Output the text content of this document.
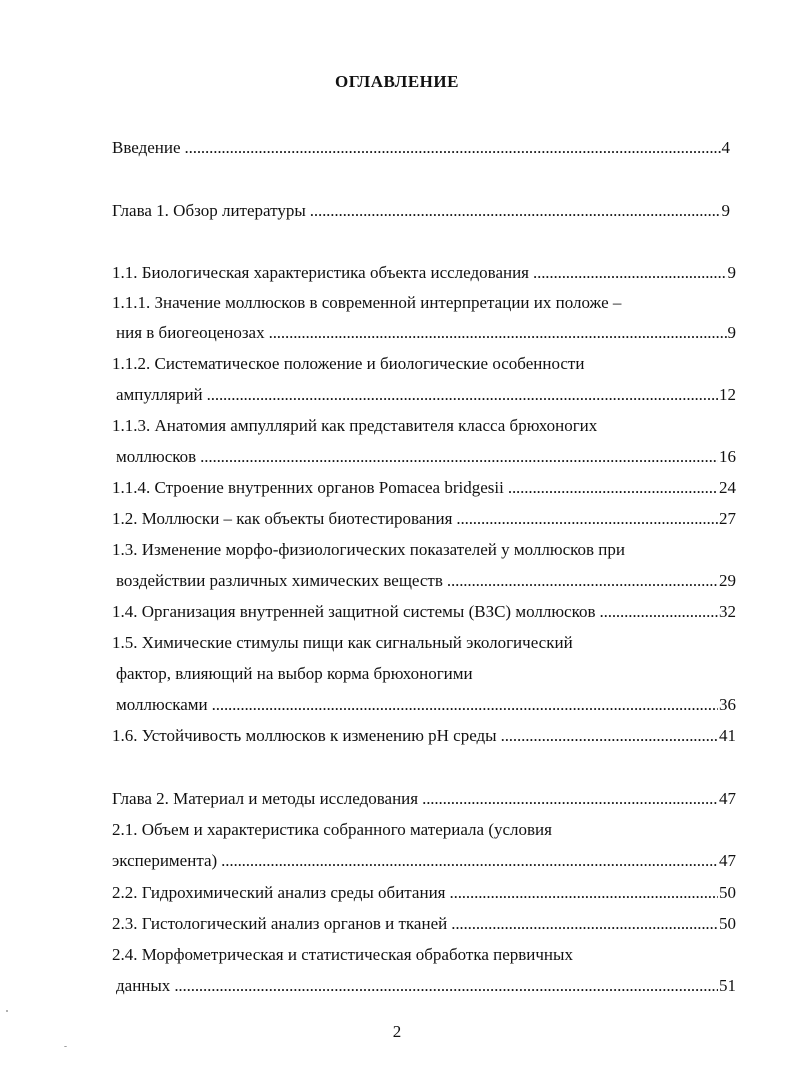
ОГЛАВЛЕНИЕ
Введение . . .	4
Глава 1. Обзор литературы . . .	9
1.1. Биологическая характеристика объекта исследования . . .	9
1.1.1. Значение моллюсков в современной интерпретации их положе –
ния в биогеоценозах . . .	9
1.1.2. Систематическое положение и биологические особенности
ампуллярий . . .	12
1.1.3. Анатомия ампуллярий как представителя класса брюхоногих
моллюсков . . .	16
1.1.4. Строение внутренних органов Pomacea bridgesii . . .	24
1.2. Моллюски – как объекты биотестирования . . .	27
1.3. Изменение морфо-физиологических показателей у моллюсков при
воздействии различных химических веществ . . .	29
1.4. Организация внутренней защитной системы (ВЗС) моллюсков . . .	32
1.5. Химические стимулы пищи как сигнальный экологический
фактор, влияющий на выбор корма брюхоногими
моллюсками . . .	36
1.6. Устойчивость моллюсков к изменению pH среды . . .	41
Глава 2. Материал и методы исследования . . .	47
2.1. Объем и характеристика собранного материала (условия
эксперимента) . . .	47
2.2. Гидрохимический анализ среды обитания . . .	50
2.3. Гистологический анализ органов и тканей . . .	50
2.4. Морфометрическая и статистическая обработка первичных
данных . . .	51
2
